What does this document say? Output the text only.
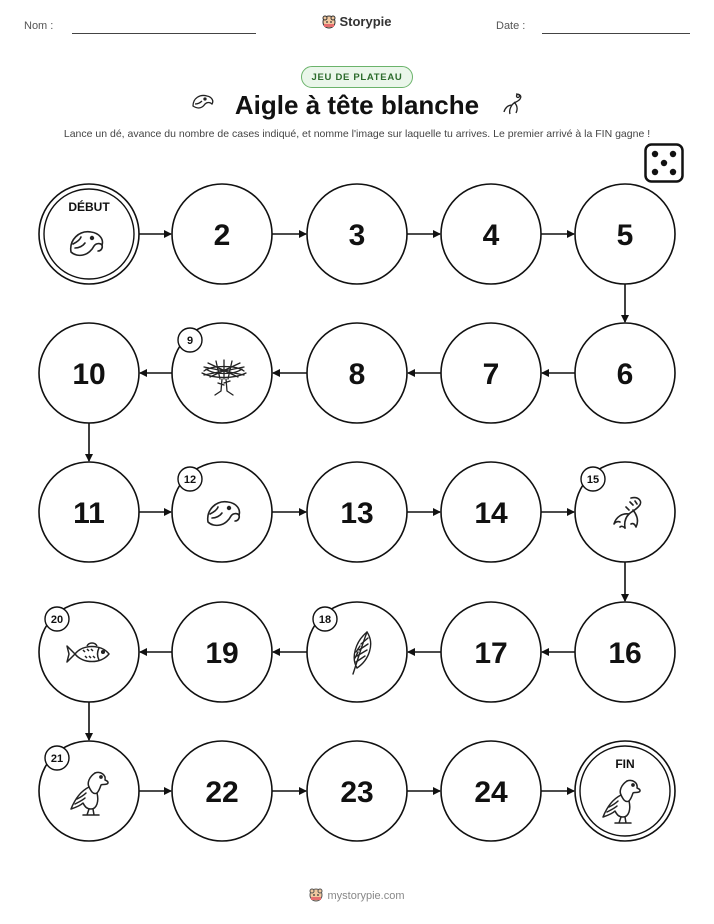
Nom :	Storypie	Date :
JEU DE PLATEAU
Aigle à tête blanche
Lance un dé, avance du nombre de cases indiqué, et nomme l'image sur laquelle tu arrives. Le premier arrivé à la FIN gagne !
DÉBUT
2	3	4	5
6
7
8
9
10
11
12
13	14
15
16
17
18
19
20
21
22	23	24
FIN
mystorypie.com
